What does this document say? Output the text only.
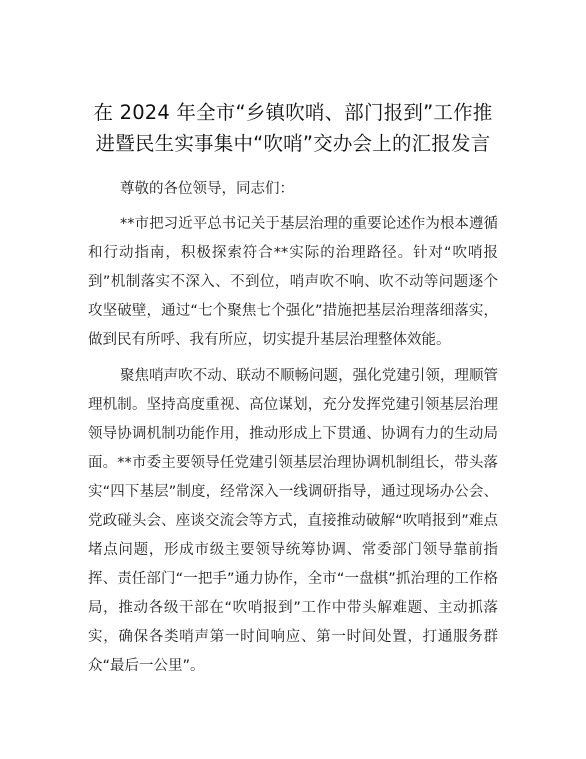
在 2024 年全市“乡镇吹哨、部门报到”工作推进暨民生实事集中“吹哨”交办会上的汇报发言

尊敬的各位领导，同志们：

**市把习近平总书记关于基层治理的重要论述作为根本遵循和行动指南，积极探索符合**实际的治理路径。针对“吹哨报到”机制落实不深入、不到位，哨声吹不响、吹不动等问题逐个攻坚破壁，通过“七个聚焦七个强化”措施把基层治理落细落实，做到民有所呼、我有所应，切实提升基层治理整体效能。

聚焦哨声吹不动、联动不顺畅问题，强化党建引领，理顺管理机制。坚持高度重视、高位谋划，充分发挥党建引领基层治理领导协调机制功能作用，推动形成上下贯通、协调有力的生动局面。**市委主要领导任党建引领基层治理协调机制组长，带头落实“四下基层”制度，经常深入一线调研指导，通过现场办公会、党政碰头会、座谈交流会等方式，直接推动破解“吹哨报到”难点堵点问题，形成市级主要领导统筹协调、常委部门领导靠前指挥、责任部门“一把手”通力协作，全市“一盘棋”抓治理的工作格局，推动各级干部在“吹哨报到”工作中带头解难题、主动抓落实，确保各类哨声第一时间响应、第一时间处置，打通服务群众“最后一公里”。
